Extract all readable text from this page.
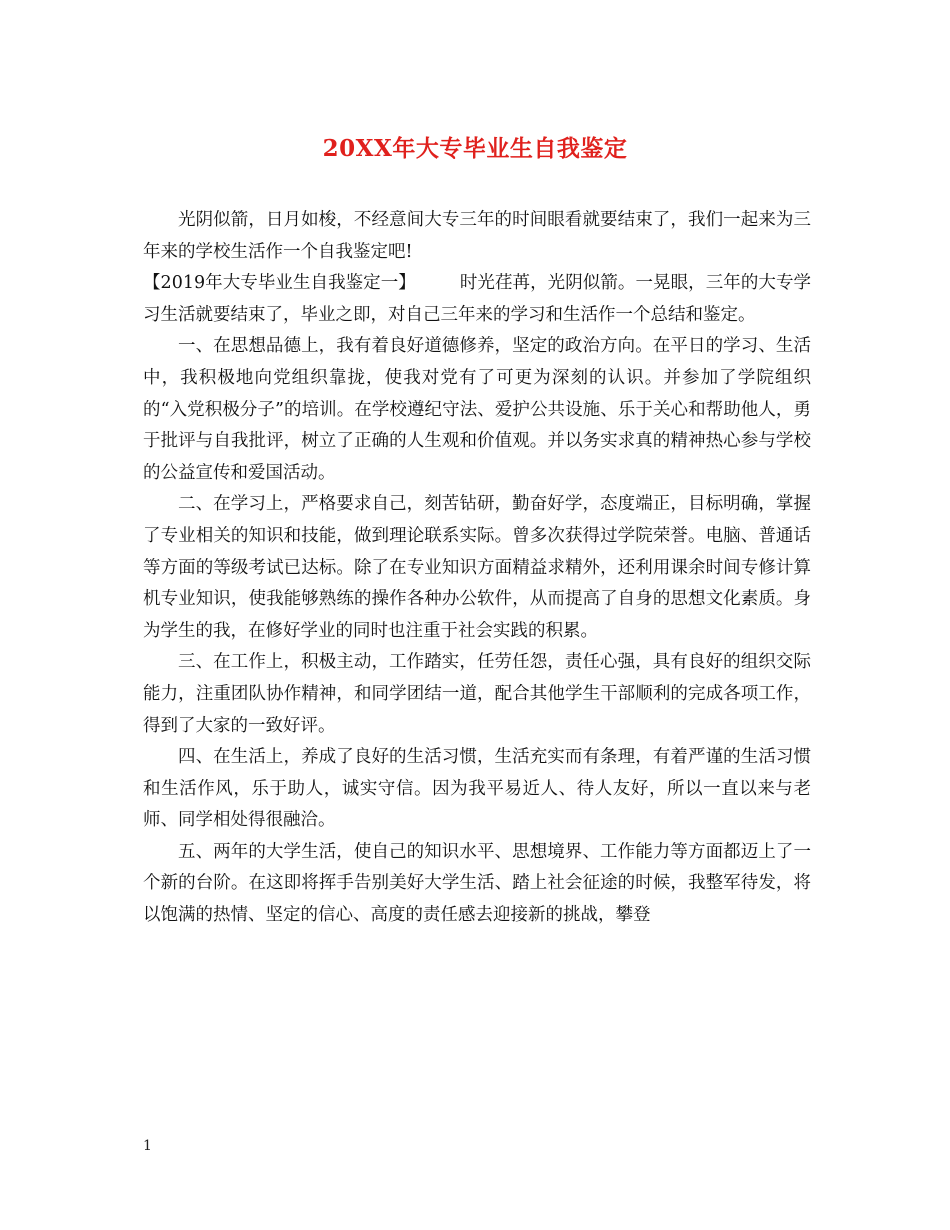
20XX年大专毕业生自我鉴定

光阴似箭，日月如梭，不经意间大专三年的时间眼看就要结束了，我们一起来为三年来的学校生活作一个自我鉴定吧!

【2019年大专毕业生自我鉴定一】	时光荏苒，光阴似箭。一晃眼，三年的大专学习生活就要结束了，毕业之即，对自己三年来的学习和生活作一个总结和鉴定。

一、在思想品德上，我有着良好道德修养，坚定的政治方向。在平日的学习、生活中，我积极地向党组织靠拢，使我对党有了可更为深刻的认识。并参加了学院组织的“入党积极分子”的培训。在学校遵纪守法、爱护公共设施、乐于关心和帮助他人，勇于批评与自我批评，树立了正确的人生观和价值观。并以务实求真的精神热心参与学校的公益宣传和爱国活动。

二、在学习上，严格要求自己，刻苦钻研，勤奋好学，态度端正，目标明确，掌握了专业相关的知识和技能，做到理论联系实际。曾多次获得过学院荣誉。电脑、普通话等方面的等级考试已达标。除了在专业知识方面精益求精外，还利用课余时间专修计算机专业知识，使我能够熟练的操作各种办公软件，从而提高了自身的思想文化素质。身为学生的我，在修好学业的同时也注重于社会实践的积累。

三、在工作上，积极主动，工作踏实，任劳任怨，责任心强，具有良好的组织交际能力，注重团队协作精神，和同学团结一道，配合其他学生干部顺利的完成各项工作，得到了大家的一致好评。

四、在生活上，养成了良好的生活习惯，生活充实而有条理，有着严谨的生活习惯和生活作风，乐于助人，诚实守信。因为我平易近人、待人友好，所以一直以来与老师、同学相处得很融洽。

五、两年的大学生活，使自己的知识水平、思想境界、工作能力等方面都迈上了一个新的台阶。在这即将挥手告别美好大学生活、踏上社会征途的时候，我整军待发，将以饱满的热情、坚定的信心、高度的责任感去迎接新的挑战，攀登

1
